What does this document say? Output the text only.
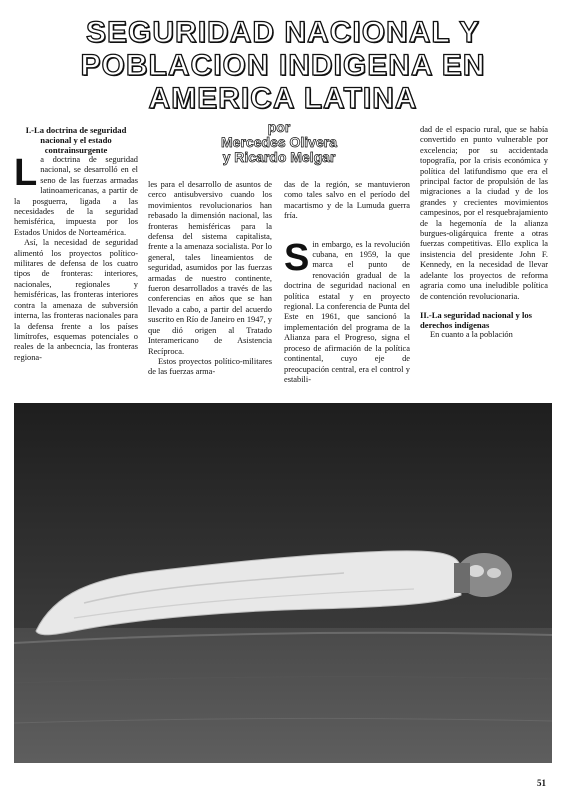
SEGURIDAD NACIONAL Y
POBLACION INDIGENA EN
AMERICA LATINA
por
Mercedes Olivera
y Ricardo Melgar

I.-La doctrina de seguridad nacional y el estado contrainsurgente

L a doctrina de seguridad nacional, se desarrolló en el seno de las fuerzas armadas latinoamericanas, a partir de la posguerra, ligada a las necesidades de la seguridad hemisférica, impuesta por los Estados Unidos de Norteamérica.

Así, la necesidad de seguridad alimentó los proyectos político-militares de defensa de los cuatro tipos de fronteras: interiores, nacionales, regionales y hemisféricas, las fronteras interiores contra la amenaza de subversión interna, las fronteras nacionales para la defensa frente a los países limítrofes, esquemas potenciales o reales de la anbecncia, las fronteras regiona-

les para el desarrollo de asuntos de cerco antisubversivo cuando los movimientos revolucionarios han rebasado la dimensión nacional, las fronteras hemisféricas para la defensa del sistema capitalista, frente a la amenaza socialista. Por lo general, tales lineamientos de seguridad, asumidos por las fuerzas armadas de nuestro continente, fueron desarrollados a través de las conferencias en años que se han llevado a cabo, a partir del acuerdo suscrito en Río de Janeiro en 1947, y que dió origen al Tratado Interamericano de Asistencia Recíproca.

Estos proyectos político-militares de las fuerzas arma-

das de la región, se mantuvieron como tales salvo en el período del macartismo y de la Lumuda guerra fría.

S in embargo, es la revolución cubana, en 1959, la que marca el punto de renovación gradual de la doctrina de seguridad nacional en política estatal y en proyecto regional. La conferencia de Punta del Este en 1961, que sancionó la implementación del programa de la Alianza para el Progreso, signa el proceso de afirmación de la política continental, cuyo eje de preocupación central, era el control y estabili-

dad de el espacio rural, que se había convertido en punto vulnerable por excelencia; por su accidentada topografía, por la crisis económica y política del latifundismo que era el principal factor de propulsión de las migraciones a la ciudad y de los grandes y crecientes movimientos campesinos, por el resquebrajamiento de la hegemonía de la alianza burgues-oligárquica frente a otras fuerzas competitivas. Ello explica la insistencia del presidente John F. Kennedy, en la necesidad de llevar adelante los proyectos de reforma agraria como una ineludible política de contención revolucionaria.

II.-La seguridad nacional y los derechos indígenas

En cuanto a la población

51
